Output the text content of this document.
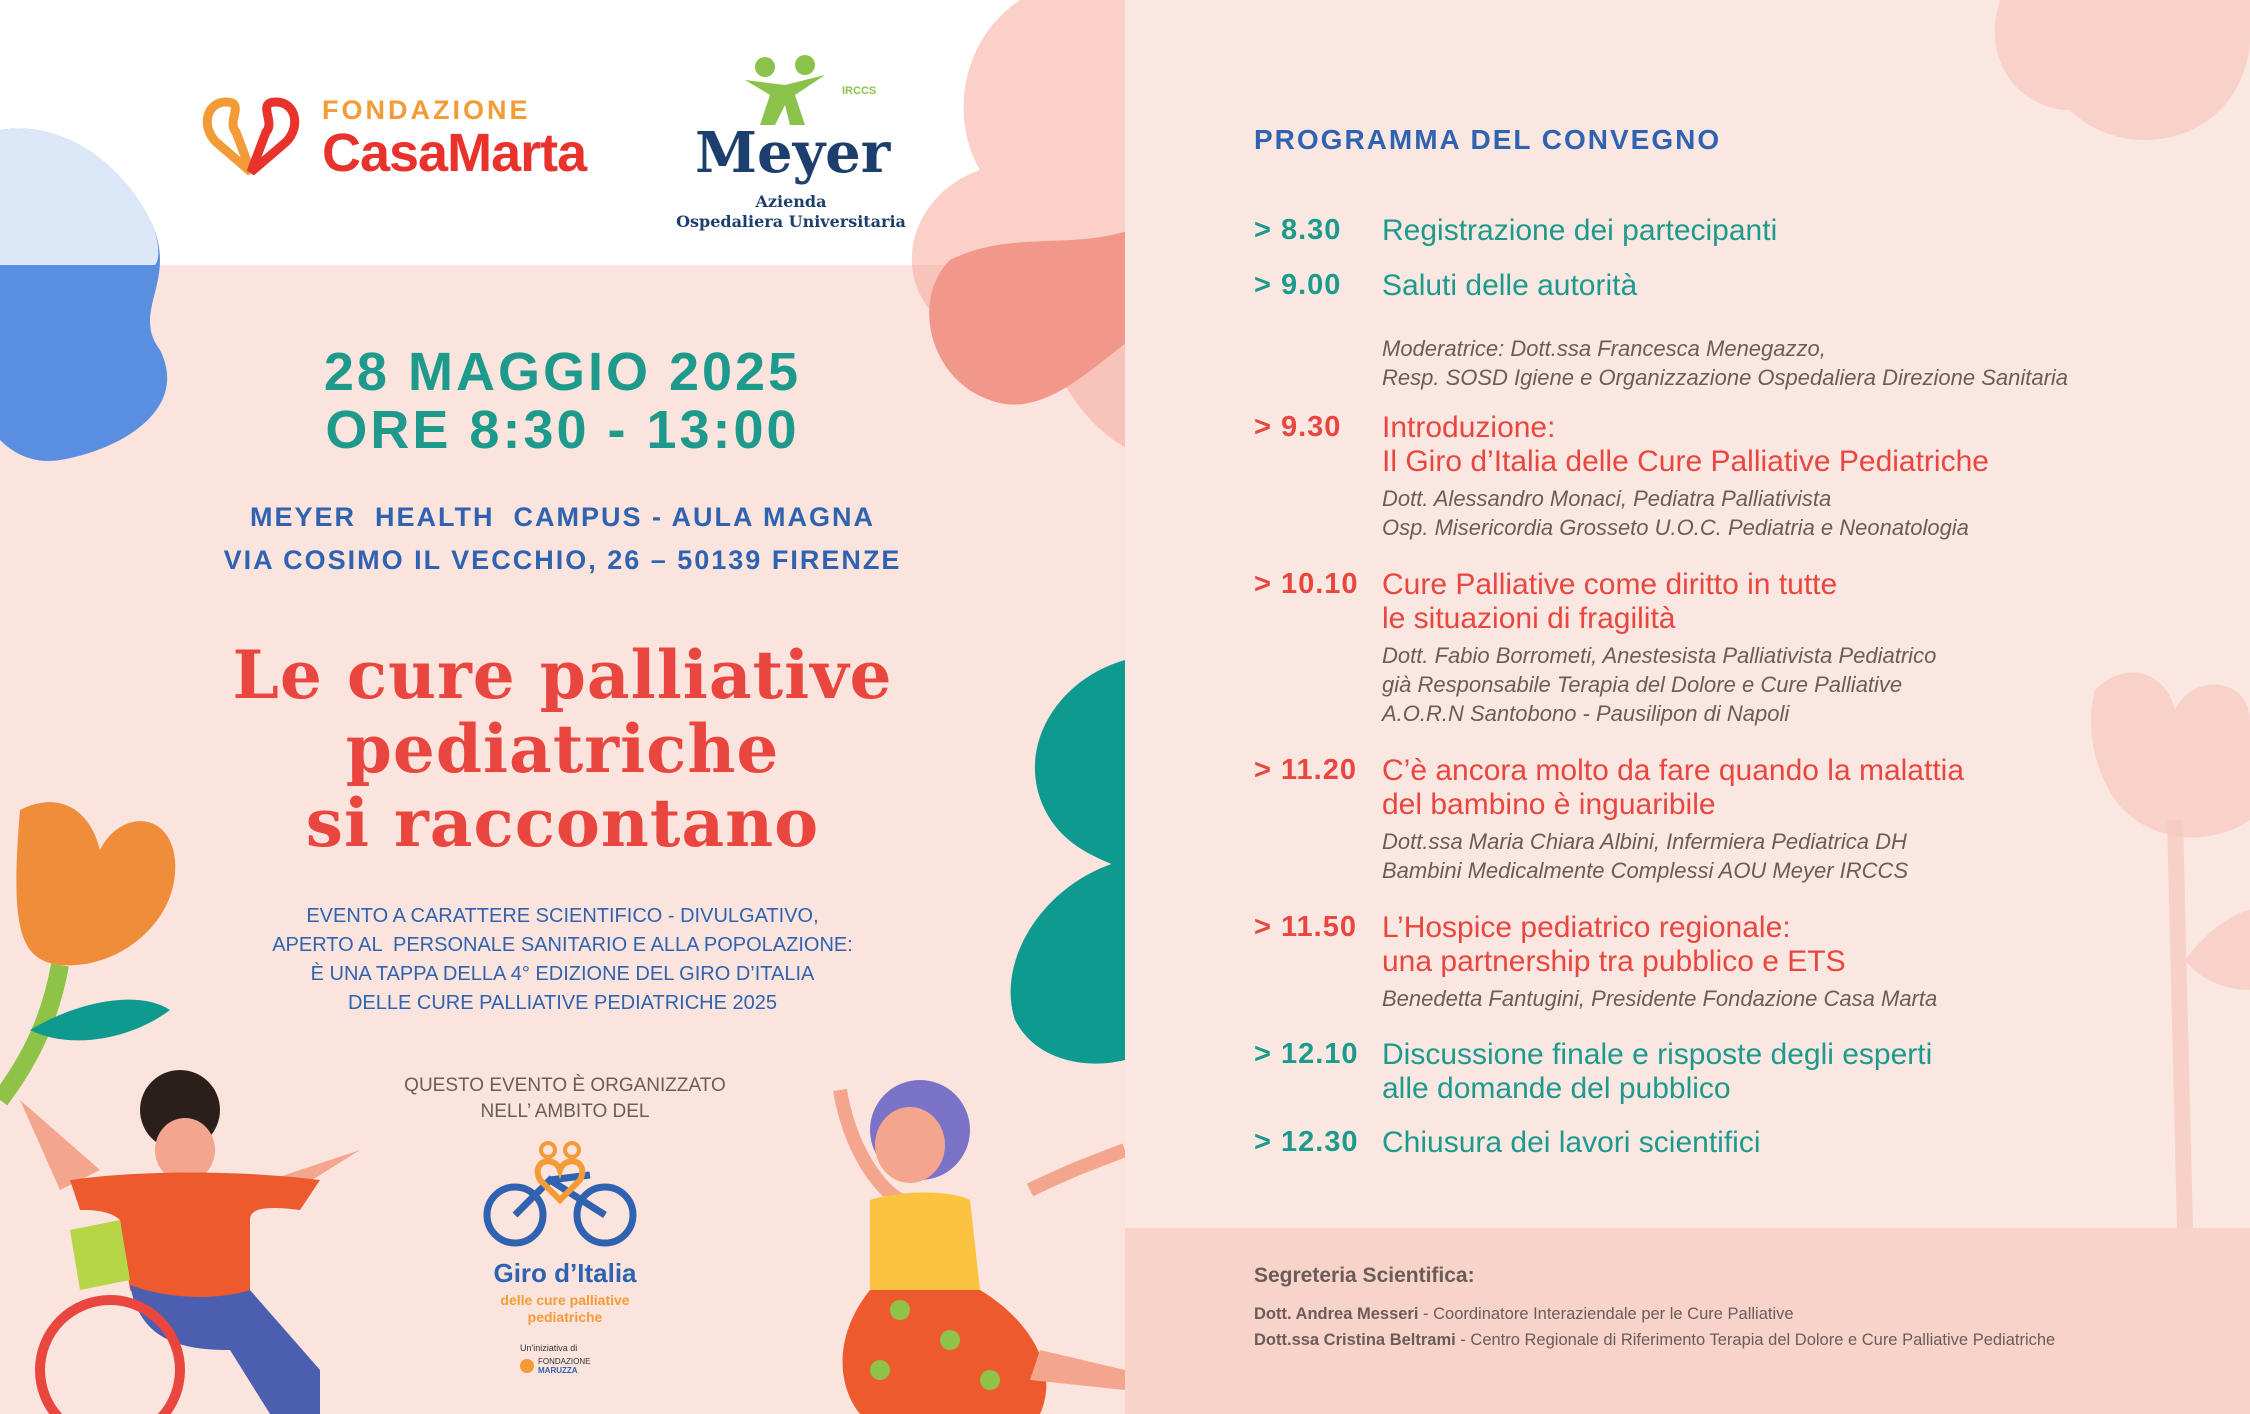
FONDAZIONE
CasaMarta
IRCCS
Meyer
Azienda
Ospedaliera Universitaria
28 MAGGIO 2025
ORE 8:30 - 13:00
MEYER  HEALTH  CAMPUS - AULA MAGNA
VIA COSIMO IL VECCHIO, 26 – 50139 FIRENZE
Le cure palliative
pediatriche
si raccontano
EVENTO A CARATTERE SCIENTIFICO - DIVULGATIVO,
APERTO AL  PERSONALE SANITARIO E ALLA POPOLAZIONE:
È UNA TAPPA DELLA 4° EDIZIONE DEL GIRO D’ITALIA
DELLE CURE PALLIATIVE PEDIATRICHE 2025
QUESTO EVENTO È ORGANIZZATO
NELL’ AMBITO DEL
Giro d’Italia
delle cure palliative
pediatriche
Un'iniziativa di
FONDAZIONE
MARUZZA
PROGRAMMA DEL CONVEGNO
> 8.30 Registrazione dei partecipanti
> 9.00 Saluti delle autorità
Moderatrice: Dott.ssa Francesca Menegazzo,
Resp. SOSD Igiene e Organizzazione Ospedaliera Direzione Sanitaria
> 9.30 Introduzione:
Il Giro d’Italia delle Cure Palliative Pediatriche
Dott. Alessandro Monaci, Pediatra Palliativista
Osp. Misericordia Grosseto U.O.C. Pediatria e Neonatologia
> 10.10 Cure Palliative come diritto in tutte
le situazioni di fragilità
Dott. Fabio Borrometi, Anestesista Palliativista Pediatrico
già Responsabile Terapia del Dolore e Cure Palliative
A.O.R.N Santobono - Pausilipon di Napoli
> 11.20 C’è ancora molto da fare quando la malattia
del bambino è inguaribile
Dott.ssa Maria Chiara Albini, Infermiera Pediatrica DH
Bambini Medicalmente Complessi AOU Meyer IRCCS
> 11.50 L’Hospice pediatrico regionale:
una partnership tra pubblico e ETS
Benedetta Fantugini, Presidente Fondazione Casa Marta
> 12.10 Discussione finale e risposte degli esperti
alle domande del pubblico
> 12.30 Chiusura dei lavori scientifici
Segreteria Scientifica:
Dott. Andrea Messeri - Coordinatore Interaziendale per le Cure Palliative
Dott.ssa Cristina Beltrami - Centro Regionale di Riferimento Terapia del Dolore e Cure Palliative Pediatriche
